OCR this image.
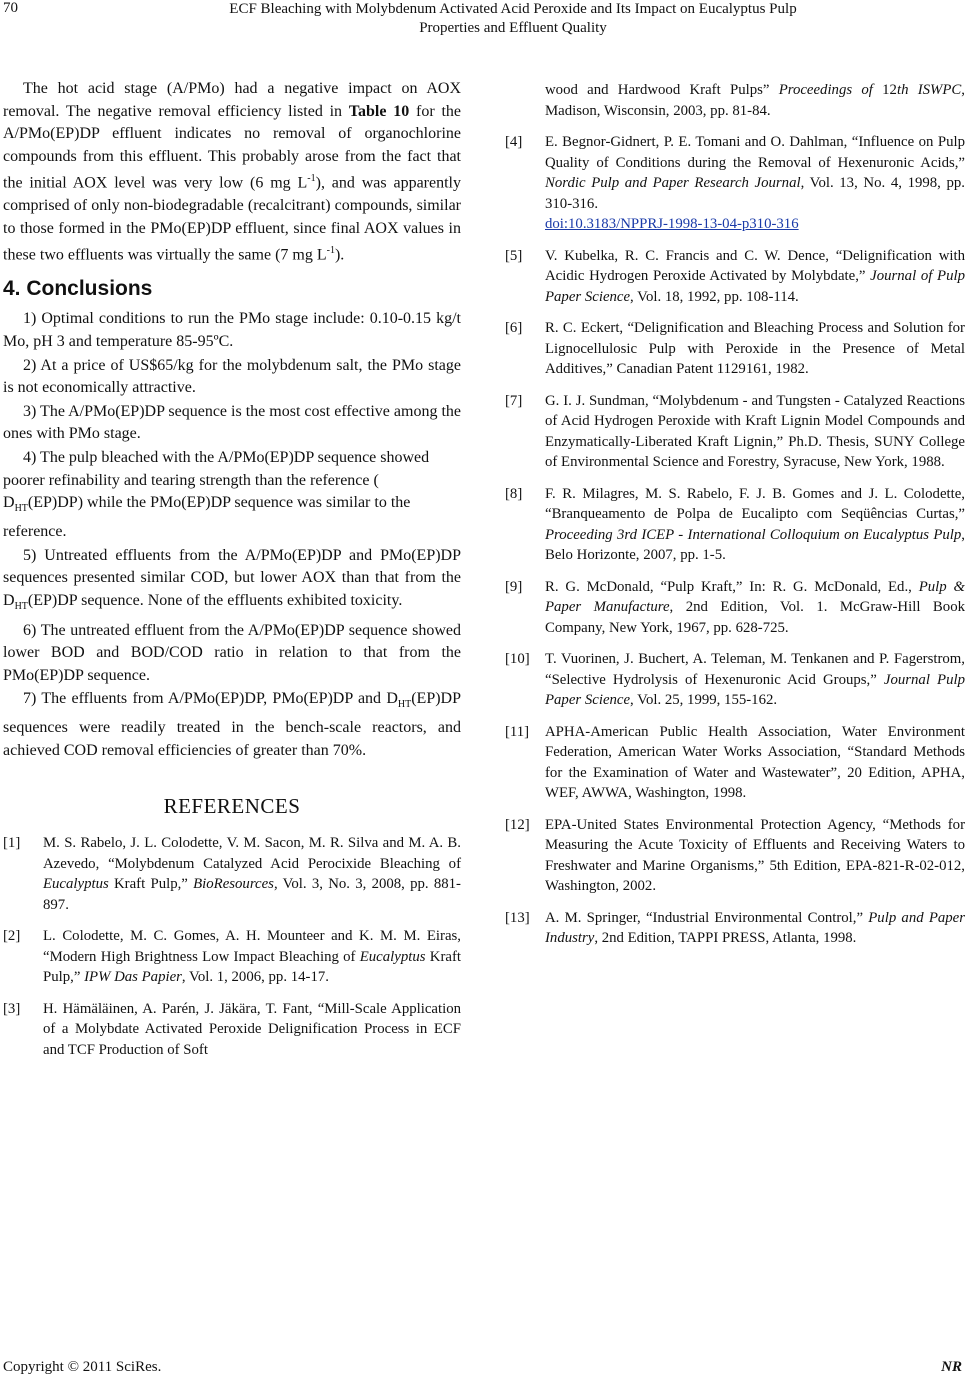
70	ECF Bleaching with Molybdenum Activated Acid Peroxide and Its Impact on Eucalyptus Pulp
Properties and Effluent Quality

The hot acid stage (A/PMo) had a negative impact on AOX removal. The negative removal efficiency listed in Table 10 for the A/PMo(EP)DP effluent indicates no removal of organochlorine compounds from this effluent. This probably arose from the fact that the initial AOX level was very low (6 mg $L^{-1}$), and was apparently comprised of only non-biodegradable (recalcitrant) compounds, similar to those formed in the PMo(EP)DP effluent, since final AOX values in these two effluents was virtually the same (7 mg $L^{-1}$).

4. Conclusions

1) Optimal conditions to run the PMo stage include: 0.10-0.15 kg/t Mo, pH 3 and temperature 85-95ºC.

2) At a price of US$65/kg for the molybdenum salt, the PMo stage is not economically attractive.

3) The A/PMo(EP)DP sequence is the most cost effective among the ones with PMo stage.

4) The pulp bleached with the A/PMo(EP)DP sequence showed poorer refinability and tearing strength than the reference ( $D_{HT}(EP)DP$) while the PMo(EP)DP sequence was similar to the reference.

5) Untreated effluents from the A/PMo(EP)DP and PMo(EP)DP sequences presented similar COD, but lower AOX than that from the $D_{HT}(EP)DP$ sequence. None of the effluents exhibited toxicity.

6) The untreated effluent from the A/PMo(EP)DP sequence showed lower BOD and BOD/COD ratio in relation to that from the PMo(EP)DP sequence.

7) The effluents from A/PMo(EP)DP, PMo(EP)DP and $D_{HT}(EP)DP$ sequences were readily treated in the bench-scale reactors, and achieved COD removal efficiencies of greater than 70%.

REFERENCES
[1]	M. S. Rabelo, J. L. Colodette, V. M. Sacon, M. R. Silva and M. A. B. Azevedo, “Molybdenum Catalyzed Acid Perocixide Bleaching of Eucalyptus Kraft Pulp,” BioResources, Vol. 3, No. 3, 2008, pp. 881-897.
[2]	L. Colodette, M. C. Gomes, A. H. Mounteer and K. M. M. Eiras, “Modern High Brightness Low Impact Bleaching of Eucalyptus Kraft Pulp,” IPW Das Papier, Vol. 1, 2006, pp. 14-17.
[3]	H. Hämäläinen, A. Parén, J. Jäkära, T. Fant, “Mill-Scale Application of a Molybdate Activated Peroxide Delignification Process in ECF and TCF Production of Soft
wood and Hardwood Kraft Pulps” Proceedings of 12th ISWPC, Madison, Wisconsin, 2003, pp. 81-84.
[4]	E. Begnor-Gidnert, P. E. Tomani and O. Dahlman, “Influence on Pulp Quality of Conditions during the Removal of Hexenuronic Acids,” Nordic Pulp and Paper Research Journal, Vol. 13, No. 4, 1998, pp. 310-316.
doi:10.3183/NPPRJ-1998-13-04-p310-316
[5]	V. Kubelka, R. C. Francis and C. W. Dence, “Delignification with Acidic Hydrogen Peroxide Activated by Molybdate,” Journal of Pulp Paper Science, Vol. 18, 1992, pp. 108-114.
[6]	R. C. Eckert, “Delignification and Bleaching Process and Solution for Lignocellulosic Pulp with Peroxide in the Presence of Metal Additives,” Canadian Patent 1129161, 1982.
[7]	G. I. J. Sundman, “Molybdenum - and Tungsten - Catalyzed Reactions of Acid Hydrogen Peroxide with Kraft Lignin Model Compounds and Enzymatically-Liberated Kraft Lignin,” Ph.D. Thesis, SUNY College of Environmental Science and Forestry, Syracuse, New York, 1988.
[8]	F. R. Milagres, M. S. Rabelo, F. J. B. Gomes and J. L. Colodette, “Branqueamento de Polpa de Eucalipto com Seqüências Curtas,” Proceeding 3rd ICEP - International Colloquium on Eucalyptus Pulp, Belo Horizonte, 2007, pp. 1-5.
[9]	R. G. McDonald, “Pulp Kraft,” In: R. G. McDonald, Ed., Pulp & Paper Manufacture, 2nd Edition, Vol. 1. McGraw-Hill Book Company, New York, 1967, pp. 628-725.
[10]	T. Vuorinen, J. Buchert, A. Teleman, M. Tenkanen and P. Fagerstrom, “Selective Hydrolysis of Hexenuronic Acid Groups,” Journal Pulp Paper Science, Vol. 25, 1999, 155-162.
[11]	APHA-American Public Health Association, Water Environment Federation, American Water Works Association, “Standard Methods for the Examination of Water and Wastewater”, 20 Edition, APHA, WEF, AWWA, Washington, 1998.
[12]	EPA-United States Environmental Protection Agency, “Methods for Measuring the Acute Toxicity of Effluents and Receiving Waters to Freshwater and Marine Organisms,” 5th Edition, EPA-821-R-02-012, Washington, 2002.
[13]	A. M. Springer, “Industrial Environmental Control,” Pulp and Paper Industry, 2nd Edition, TAPPI PRESS, Atlanta, 1998.
Copyright © 2011 SciRes.	NR
